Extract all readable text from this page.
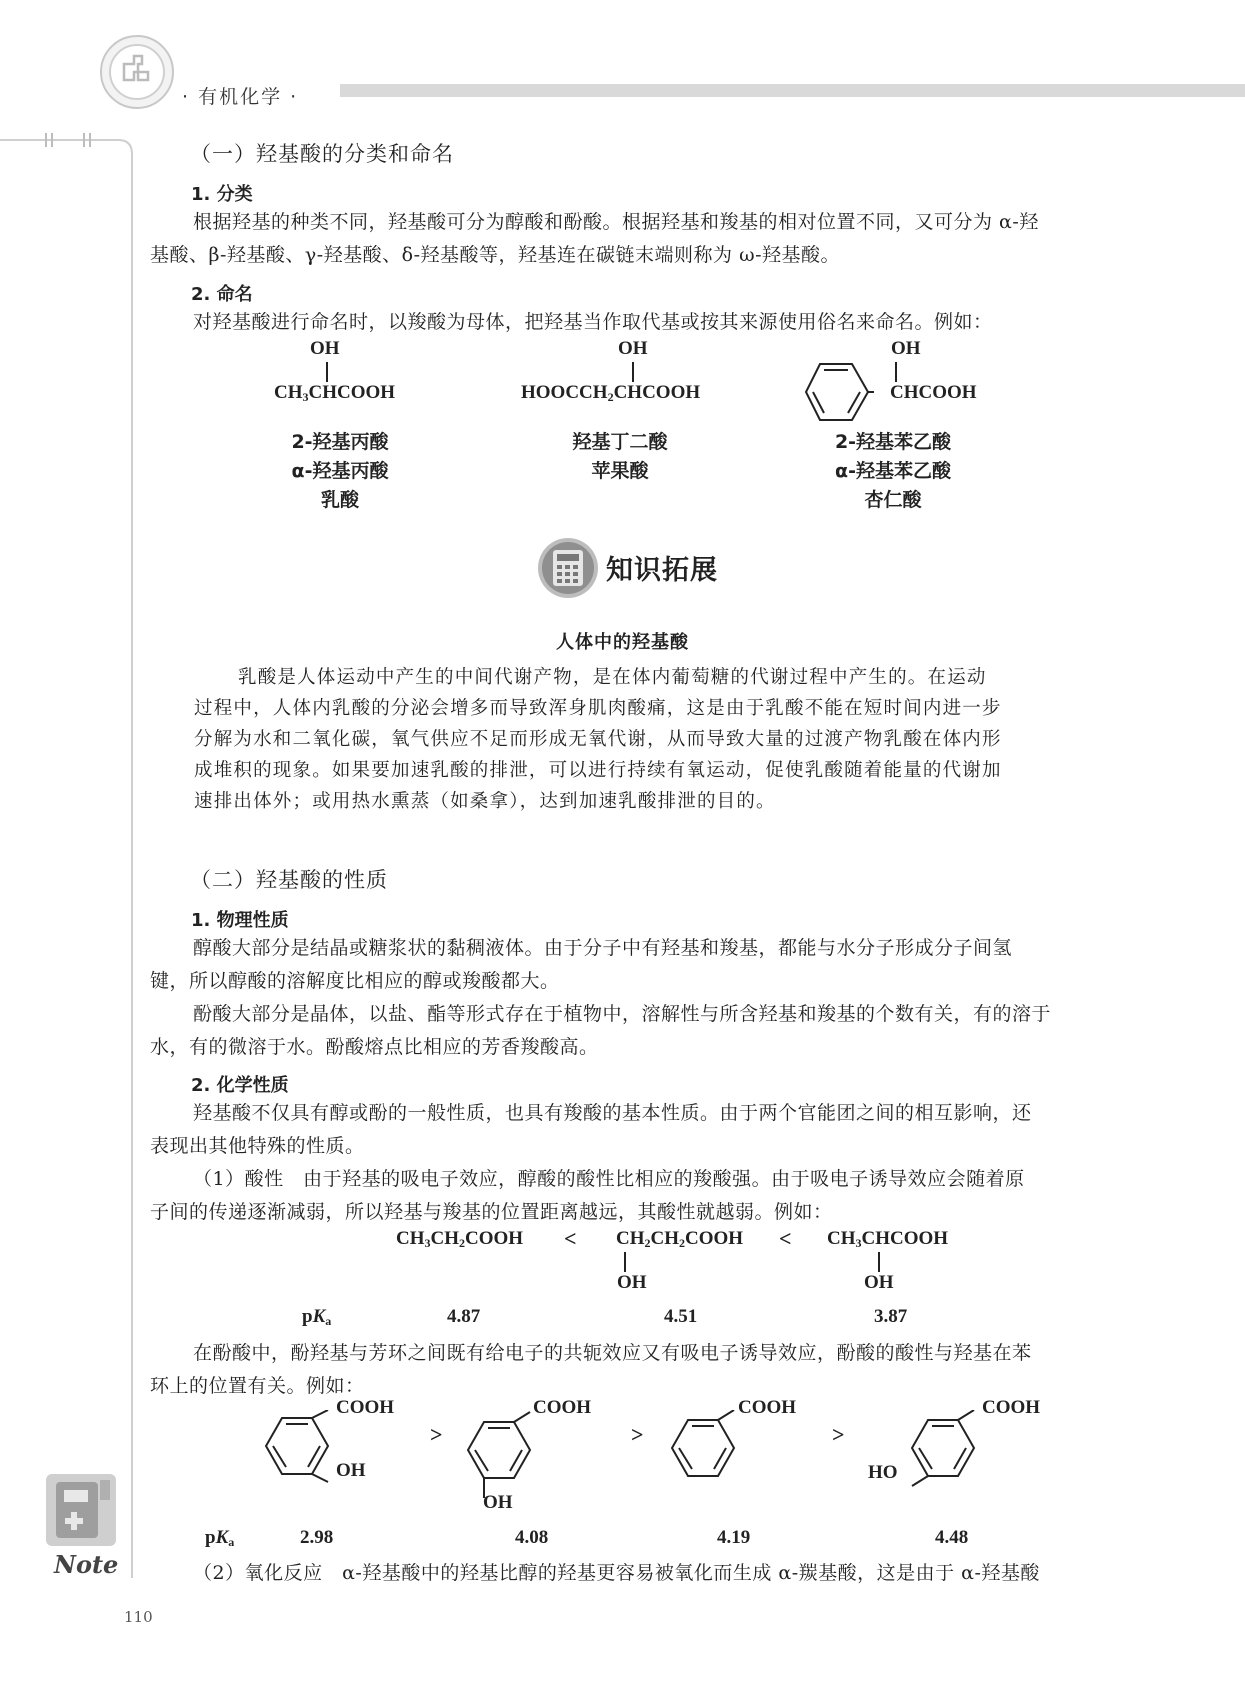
· 有机化学 ·
Note
110
（一）羟基酸的分类和命名
1. 分类
根据羟基的种类不同，羟基酸可分为醇酸和酚酸。根据羟基和羧基的相对位置不同，又可分为 α-羟
基酸、β-羟基酸、γ-羟基酸、δ-羟基酸等，羟基连在碳链末端则称为 ω-羟基酸。
2. 命名
对羟基酸进行命名时，以羧酸为母体，把羟基当作取代基或按其来源使用俗名来命名。例如：
OH
$CH_3CHCOOH$
2-羟基丙酸
α-羟基丙酸
乳酸
OH
$HOOCCH_2CHCOOH$
羟基丁二酸
苹果酸
OH
CHCOOH
2-羟基苯乙酸
α-羟基苯乙酸
杏仁酸
知识拓展
人体中的羟基酸
乳酸是人体运动中产生的中间代谢产物，是在体内葡萄糖的代谢过程中产生的。在运动
过程中，人体内乳酸的分泌会增多而导致浑身肌肉酸痛，这是由于乳酸不能在短时间内进一步
分解为水和二氧化碳，氧气供应不足而形成无氧代谢，从而导致大量的过渡产物乳酸在体内形
成堆积的现象。如果要加速乳酸的排泄，可以进行持续有氧运动，促使乳酸随着能量的代谢加
速排出体外；或用热水熏蒸（如桑拿），达到加速乳酸排泄的目的。
（二）羟基酸的性质
1. 物理性质
醇酸大部分是结晶或糖浆状的黏稠液体。由于分子中有羟基和羧基，都能与水分子形成分子间氢
键，所以醇酸的溶解度比相应的醇或羧酸都大。
酚酸大部分是晶体，以盐、酯等形式存在于植物中，溶解性与所含羟基和羧基的个数有关，有的溶于
水，有的微溶于水。酚酸熔点比相应的芳香羧酸高。
2. 化学性质
羟基酸不仅具有醇或酚的一般性质，也具有羧酸的基本性质。由于两个官能团之间的相互影响，还
表现出其他特殊的性质。
（1）酸性　由于羟基的吸电子效应，醇酸的酸性比相应的羧酸强。由于吸电子诱导效应会随着原
子间的传递逐渐减弱，所以羟基与羧基的位置距离越远，其酸性就越弱。例如：
$CH_3CH_2COOH$ < $CH_2CH_2COOH$
OH
< $CH_3CHCOOH$
OH
$pK_a$	4.87	4.51	3.87
在酚酸中，酚羟基与芳环之间既有给电子的共轭效应又有吸电子诱导效应，酚酸的酸性与羟基在苯
环上的位置有关。例如：
COOH
OH
>
COOH
OH
>
COOH
>
COOH
HO
$pK_a$	2.98	4.08	4.19	4.48
（2）氧化反应　α-羟基酸中的羟基比醇的羟基更容易被氧化而生成 α-羰基酸，这是由于 α-羟基酸
